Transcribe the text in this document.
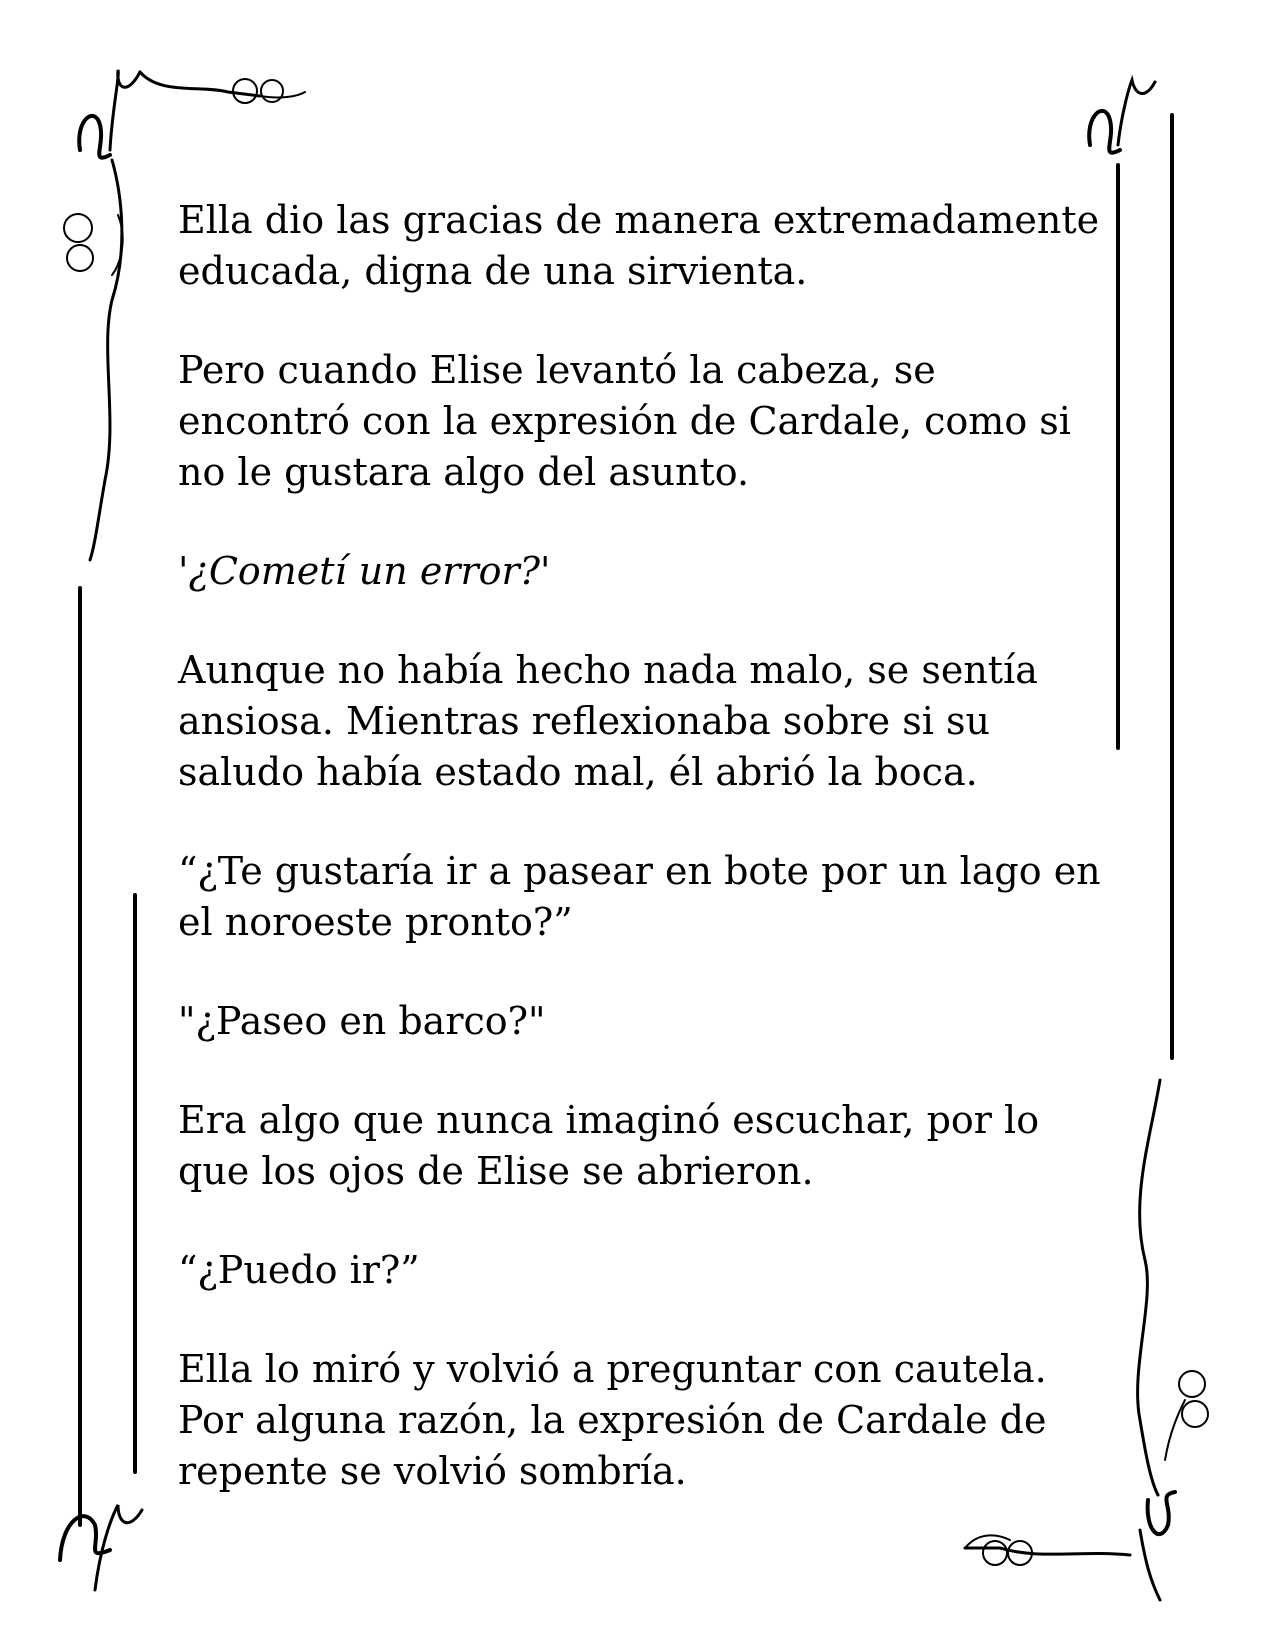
Ella dio las gracias de manera extremadamente
educada, digna de una sirvienta.

Pero cuando Elise levantó la cabeza, se
encontró con la expresión de Cardale, como si
no le gustara algo del asunto.

'¿Cometí un error?'

Aunque no había hecho nada malo, se sentía
ansiosa. Mientras reflexionaba sobre si su
saludo había estado mal, él abrió la boca.

“¿Te gustaría ir a pasear en bote por un lago en
el noroeste pronto?”

"¿Paseo en barco?"

Era algo que nunca imaginó escuchar, por lo
que los ojos de Elise se abrieron.

“¿Puedo ir?”

Ella lo miró y volvió a preguntar con cautela.
Por alguna razón, la expresión de Cardale de
repente se volvió sombría.
